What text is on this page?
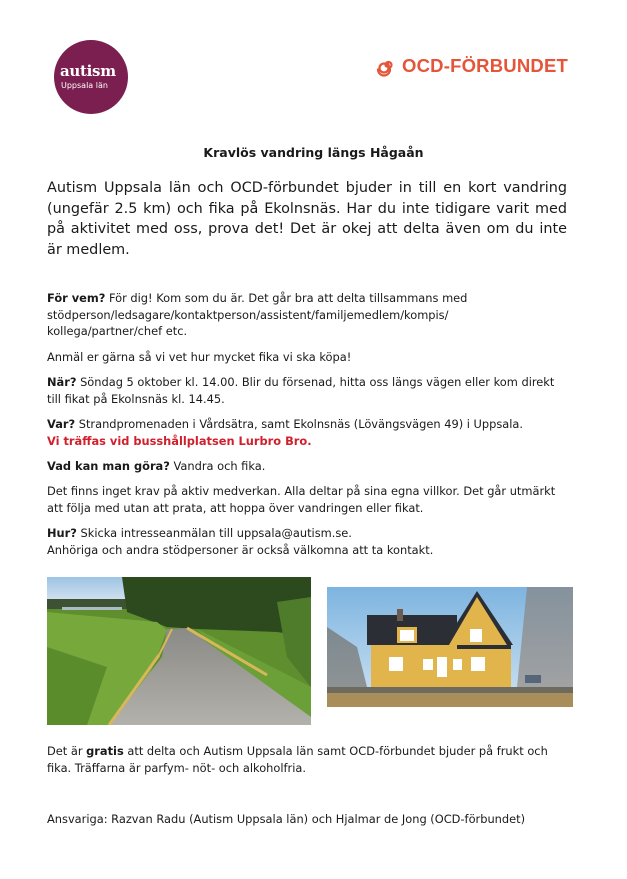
autism
Uppsala län
OCD-FÖRBUNDET
Kravlös vandring längs Hågaån
Autism Uppsala län och OCD-förbundet bjuder in till en kort vandring (ungefär 2.5 km) och fika på Ekolnsnäs. Har du inte tidigare varit med på aktivitet med oss, prova det! Det är okej att delta även om du inte är medlem.
För vem? För dig! Kom som du är. Det går bra att delta tillsammans med stödperson/ledsagare/kontaktperson/assistent/familjemedlem/kompis/ kollega/partner/chef etc.
Anmäl er gärna så vi vet hur mycket fika vi ska köpa!
När? Söndag 5 oktober kl. 14.00. Blir du försenad, hitta oss längs vägen eller kom direkt till fikat på Ekolnsnäs kl. 14.45.
Var? Strandpromenaden i Vårdsätra, samt Ekolnsnäs (Lövängsvägen 49) i Uppsala.
Vi träffas vid busshållplatsen Lurbro Bro.
Vad kan man göra? Vandra och fika.
Det finns inget krav på aktiv medverkan. Alla deltar på sina egna villkor. Det går utmärkt att följa med utan att prata, att hoppa över vandringen eller fikat.
Hur? Skicka intresseanmälan till uppsala@autism.se.
Anhöriga och andra stödpersoner är också välkomna att ta kontakt.
Det är gratis att delta och Autism Uppsala län samt OCD-förbundet bjuder på frukt och fika. Träffarna är parfym- nöt- och alkoholfria.
Ansvariga: Razvan Radu (Autism Uppsala län) och Hjalmar de Jong (OCD-förbundet)
